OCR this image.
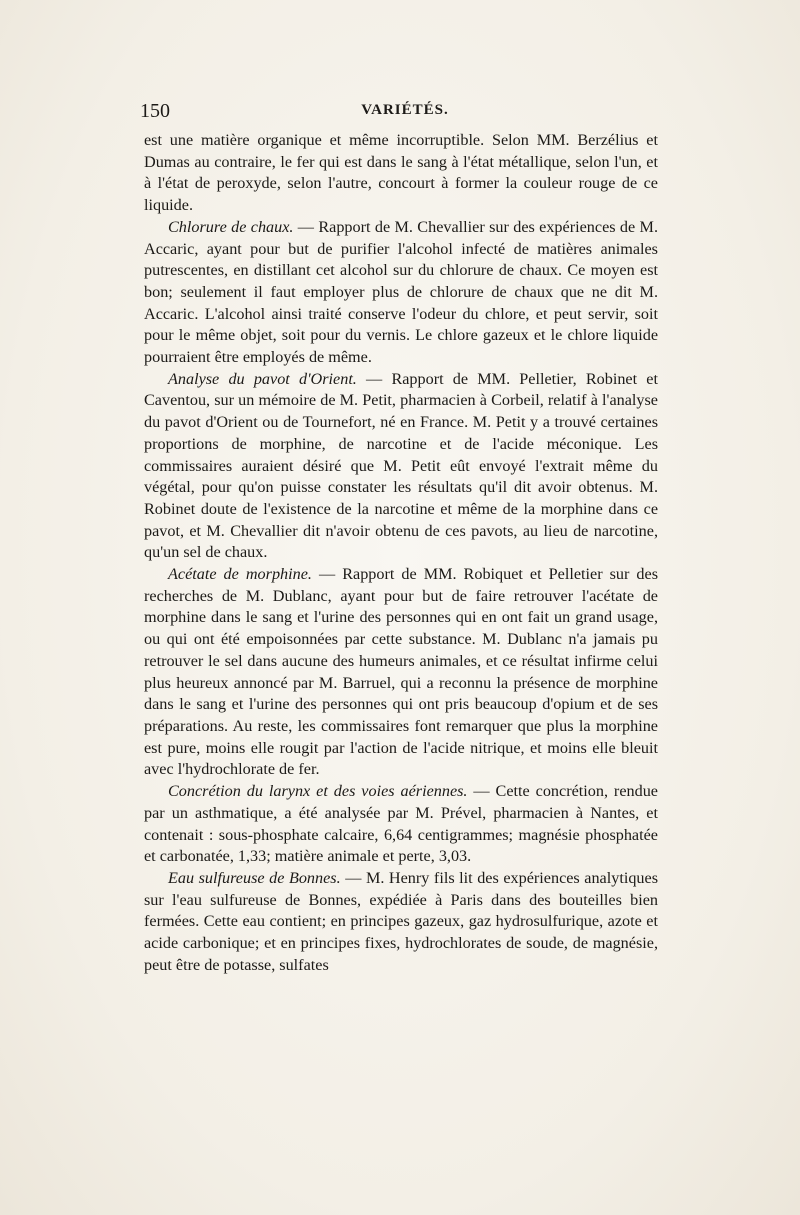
150	VARIÉTÉS.

est une matière organique et même incorruptible. Selon MM. Berzélius et Dumas au contraire, le fer qui est dans le sang à l'état métallique, selon l'un, et à l'état de peroxyde, selon l'autre, concourt à former la couleur rouge de ce liquide.

Chlorure de chaux. — Rapport de M. Chevallier sur des expériences de M. Accaric, ayant pour but de purifier l'alcohol infecté de matières animales putrescentes, en distillant cet alcohol sur du chlorure de chaux. Ce moyen est bon; seulement il faut employer plus de chlorure de chaux que ne dit M. Accaric. L'alcohol ainsi traité conserve l'odeur du chlore, et peut servir, soit pour le même objet, soit pour du vernis. Le chlore gazeux et le chlore liquide pourraient être employés de même.

Analyse du pavot d'Orient. — Rapport de MM. Pelletier, Robinet et Caventou, sur un mémoire de M. Petit, pharmacien à Corbeil, relatif à l'analyse du pavot d'Orient ou de Tournefort, né en France. M. Petit y a trouvé certaines proportions de morphine, de narcotine et de l'acide méconique. Les commissaires auraient désiré que M. Petit eût envoyé l'extrait même du végétal, pour qu'on puisse constater les résultats qu'il dit avoir obtenus. M. Robinet doute de l'existence de la narcotine et même de la morphine dans ce pavot, et M. Chevallier dit n'avoir obtenu de ces pavots, au lieu de narcotine, qu'un sel de chaux.

Acétate de morphine. — Rapport de MM. Robiquet et Pelletier sur des recherches de M. Dublanc, ayant pour but de faire retrouver l'acétate de morphine dans le sang et l'urine des personnes qui en ont fait un grand usage, ou qui ont été empoisonnées par cette substance. M. Dublanc n'a jamais pu retrouver le sel dans aucune des humeurs animales, et ce résultat infirme celui plus heureux annoncé par M. Barruel, qui a reconnu la présence de morphine dans le sang et l'urine des personnes qui ont pris beaucoup d'opium et de ses préparations. Au reste, les commissaires font remarquer que plus la morphine est pure, moins elle rougit par l'action de l'acide nitrique, et moins elle bleuit avec l'hydrochlorate de fer.

Concrétion du larynx et des voies aériennes. — Cette concrétion, rendue par un asthmatique, a été analysée par M. Prével, pharmacien à Nantes, et contenait : sous-phosphate calcaire, 6,64 centigrammes; magnésie phosphatée et carbonatée, 1,33; matière animale et perte, 3,03.

Eau sulfureuse de Bonnes. — M. Henry fils lit des expériences analytiques sur l'eau sulfureuse de Bonnes, expédiée à Paris dans des bouteilles bien fermées. Cette eau contient; en principes gazeux, gaz hydrosulfurique, azote et acide carbonique; et en principes fixes, hydrochlorates de soude, de magnésie, peut être de potasse, sulfates
